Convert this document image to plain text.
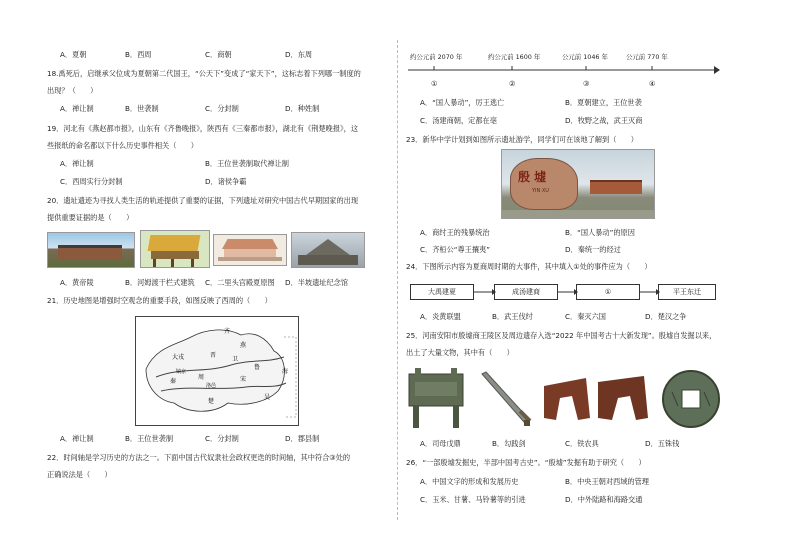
A．夏朝	B．西周	C．商朝	D．东周
18.禹死后，启继承父位成为夏朝第二代国王，“公天下”变成了“家天下”，这标志着下列哪一制度的
出现？（　　）
A．禅让制	B．世袭制	C．分封制	D．种姓制
19．河北有《燕赵都市报》，山东有《齐鲁晚报》，陕西有《三秦都市报》，湖北有《荆楚晚报》，这
些报纸的命名都以下什么历史事件相关（　　）
A．禅让制	B．王位世袭制取代禅让制
C．西周实行分封制	D．诸侯争霸
20．遗址遗迹为寻找人类生活的轨迹提供了重要的证据，下列遗址对研究中国古代早期国家的出现
提供重要证据的是（　　）
A．黄帝陵	B．河姆渡干栏式建筑 C．二里头宫殿夏原图 D．半坡遗址纪念馆
21．历史地图是增强时空观念的重要手段，如图反映了西周的（　　）
齐
燕
卫
鲁
宋
晋
周
秦
楚
吴
大戎
镐京
洛邑
海
A．禅让制	B．王位世袭制	C．分封制	D．郡县制
22．时间轴是学习历史的方法之一。下面中国古代奴隶社会政权更迭的时间轴，其中符合③处的
正确说法是（　　）
约公元前 2070 年	约公元前 1600 年	公元前 1046 年	公元前 770 年
①	②	③	④
A．“国人暴动”，厉王逃亡	B．夏朝建立，王位世袭
C．汤建商朝，定都在亳	D．牧野之战，武王灭商
23．新华中学计划到如图所示遗址游学，同学们可在该地了解到（　　）
殷 墟
YIN XU
A．商纣王的残暴统治	B．“国人暴动”的原因
C．齐桓公“尊王攘夷”	D．秦统一的经过
24．下图所示内容为夏商周时期的大事件，其中填入①处的事件应为（　　）
大禹建夏	成汤建商	①	平王东迁
A．炎黄联盟	B．武王伐纣	C．秦灭六国	D．楚汉之争
25．河南安阳市殷墟商王陵区及周边遗存入选“2022 年中国考古十大新发现”。殷墟自发掘以来，
出土了大量文物，其中有（　　）
A．司母戊鼎	B．勾践剑	C．铁农具	D．五铢钱
26．“一部殷墟发掘史，半部中国考古史”。“殷墟”发掘有助于研究（　　）
A．中国文字的形成和发展历史	B．中央王朝对西域的管理
C．玉米、甘薯、马铃薯等的引进	D．中外陆路和海路交通
